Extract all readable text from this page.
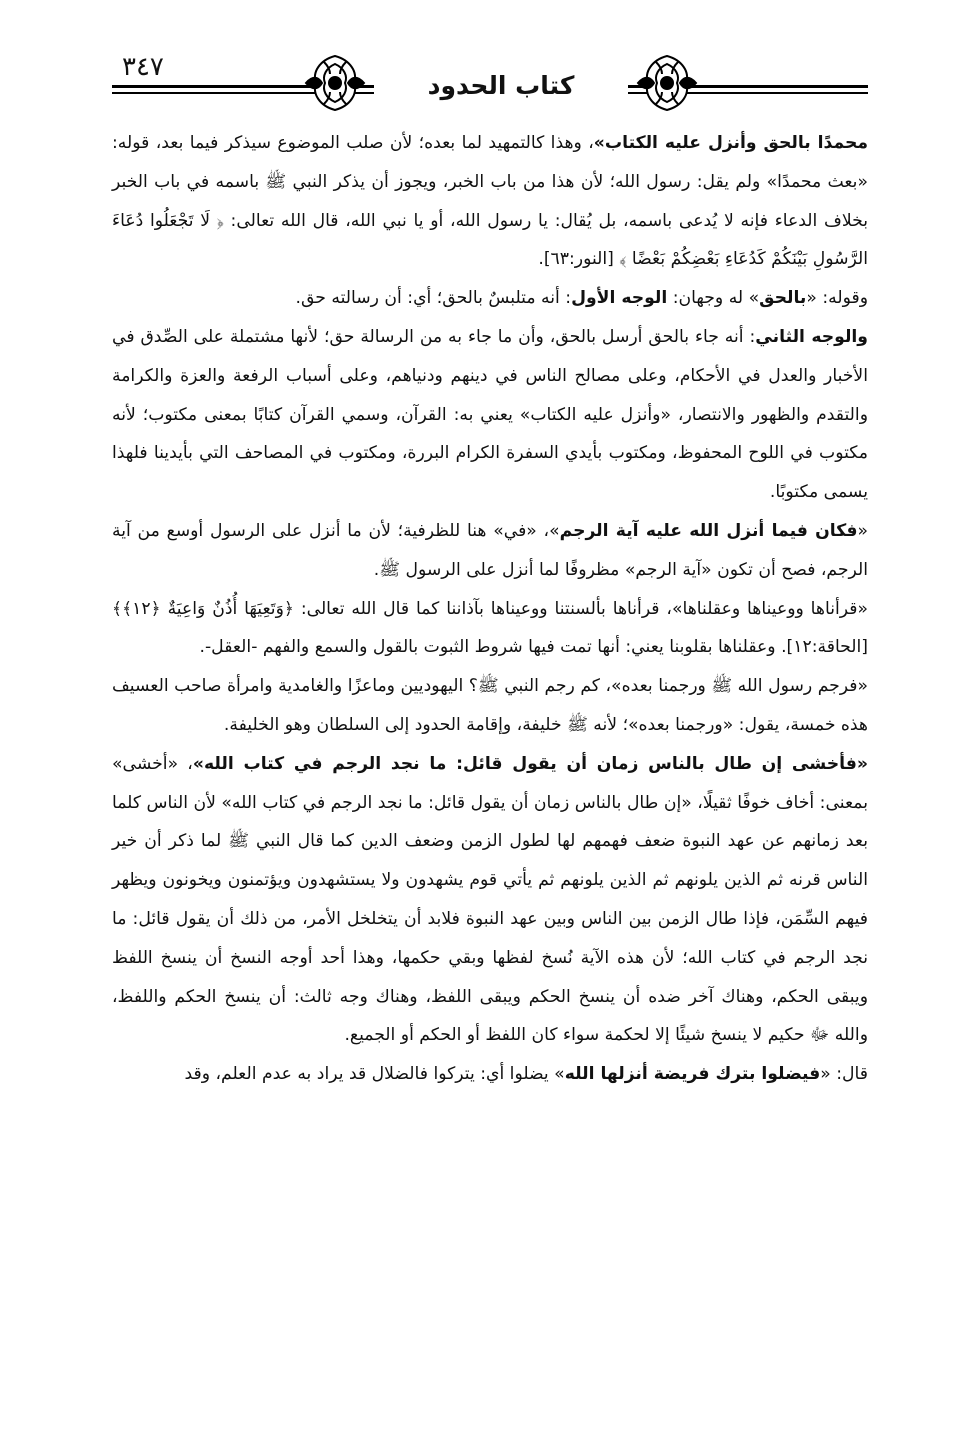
كتاب الحدود
٣٤٧

محمدًا بالحق وأنزل عليه الكتاب»، وهذا كالتمهيد لما بعده؛ لأن صلب الموضوع سيذكر فيما بعد، قوله: «بعث محمدًا» ولم يقل: رسول الله؛ لأن هذا من باب الخبر، ويجوز أن يذكر النبي ﷺ باسمه في باب الخبر بخلاف الدعاء فإنه لا يُدعى باسمه، بل يُقال: يا رسول الله، أو يا نبي الله، قال الله تعالى: ﴿ لَا تَجْعَلُوا دُعَاءَ الرَّسُولِ بَيْنَكُمْ كَدُعَاءِ بَعْضِكُمْ بَعْضًا ﴾ [النور:٦٣].

وقوله: «بالحق» له وجهان: الوجه الأول: أنه متلبسٌ بالحق؛ أي: أن رسالته حق.

والوجه الثاني: أنه جاء بالحق أرسل بالحق، وأن ما جاء به من الرسالة حق؛ لأنها مشتملة على الصِّدق في الأخبار والعدل في الأحكام، وعلى مصالح الناس في دينهم ودنياهم، وعلى أسباب الرفعة والعزة والكرامة والتقدم والظهور والانتصار، «وأنزل عليه الكتاب» يعني به: القرآن، وسمي القرآن كتابًا بمعنى مكتوب؛ لأنه مكتوب في اللوح المحفوظ، ومكتوب بأيدي السفرة الكرام البررة، ومكتوب في المصاحف التي بأيدينا فلهذا يسمى مكتوبًا.

«فكان فيما أنزل الله عليه آية الرجم»، «في» هنا للظرفية؛ لأن ما أنزل على الرسول أوسع من آية الرجم، فصح أن تكون «آية الرجم» مظروفًا لما أنزل على الرسول ﷺ.

«قرأناها ووعيناها وعقلناها»، قرأناها بألسنتنا ووعيناها بآذاننا كما قال الله تعالى: ﴿وَتَعِيَهَا أُذُنٌ وَاعِيَةٌ ﴿١٢﴾﴾ [الحاقة:١٢]. وعقلناها بقلوبنا يعني: أنها تمت فيها شروط الثبوت بالقول والسمع والفهم -العقل-.

«فرجم رسول الله ﷺ ورجمنا بعده»، كم رجم النبي ﷺ؟ اليهوديين وماعزًا والغامدية وامرأة صاحب العسيف هذه خمسة، يقول: «ورجمنا بعده»؛ لأنه ﷺ خليفة، وإقامة الحدود إلى السلطان وهو الخليفة.

«فأخشى إن طال بالناس زمان أن يقول قائل: ما نجد الرجم في كتاب الله»، «أخشى» بمعنى: أخاف خوفًا ثقيلًا، «إن طال بالناس زمان أن يقول قائل: ما نجد الرجم في كتاب الله» لأن الناس كلما بعد زمانهم عن عهد النبوة ضعف فهمهم لها لطول الزمن وضعف الدين كما قال النبي ﷺ لما ذكر أن خير الناس قرنه ثم الذين يلونهم ثم الذين يلونهم ثم يأتي قوم يشهدون ولا يستشهدون ويؤتمنون ويخونون ويظهر فيهم السِّمَن، فإذا طال الزمن بين الناس وبين عهد النبوة فلابد أن يتخلخل الأمر، من ذلك أن يقول قائل: ما نجد الرجم في كتاب الله؛ لأن هذه الآية نُسخ لفظها وبقي حكمها، وهذا أحد أوجه النسخ أن ينسخ اللفظ ويبقى الحكم، وهناك آخر ضده أن ينسخ الحكم ويبقى اللفظ، وهناك وجه ثالث: أن ينسخ الحكم واللفظ، والله ﷻ حكيم لا ينسخ شيئًا إلا لحكمة سواء كان اللفظ أو الحكم أو الجميع.

قال: «فيضلوا بترك فريضة أنزلها الله» يضلوا أي: يتركوا فالضلال قد يراد به عدم العلم، وقد
